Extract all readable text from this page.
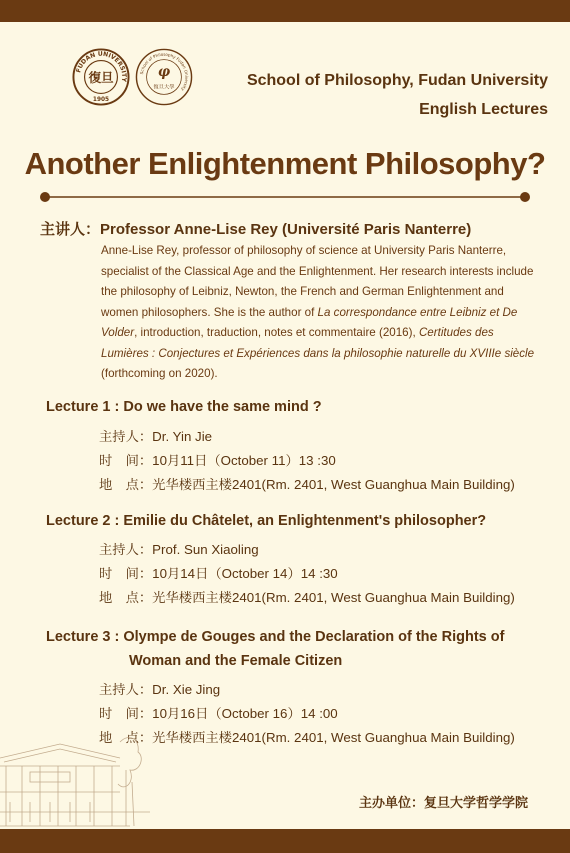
FUDAN UNIVERSITY
復旦
1905
School of Philosophy Fudan University
φ
復旦大學	School of Philosophy, Fudan University
English Lectures
Another Enlightenment Philosophy?
主讲人：Professor Anne-Lise Rey (Université Paris Nanterre)
Anne-Lise Rey, professor of philosophy of science at University Paris Nanterre, specialist of the Classical Age and the Enlightenment. Her research interests include the philosophy of Leibniz, Newton, the French and German Enlightenment and women philosophers. She is the author of La correspondance entre Leibniz et De Volder, introduction, traduction, notes et commentaire (2016), Certitudes des Lumières : Conjectures et Expériences dans la philosophie naturelle du XVIIIe siècle (forthcoming on 2020).
Lecture 1 : Do we have the same mind ?
主持人：Dr. Yin Jie
时　间：10月11日（October 11）13 :30
地　点：光华楼西主楼2401(Rm. 2401, West Guanghua Main Building)
Lecture 2 : Emilie du Châtelet, an Enlightenment's philosopher?
主持人：Prof. Sun Xiaoling
时　间：10月14日（October 14）14 :30
地　点：光华楼西主楼2401(Rm. 2401, West Guanghua Main Building)
Lecture 3 : Olympe de Gouges and the Declaration of the Rights of
Woman and the Female Citizen
主持人：Dr. Xie Jing
时　间：10月16日（October 16）14 :00
地　点：光华楼西主楼2401(Rm. 2401, West Guanghua Main Building)
主办单位：复旦大学哲学学院
